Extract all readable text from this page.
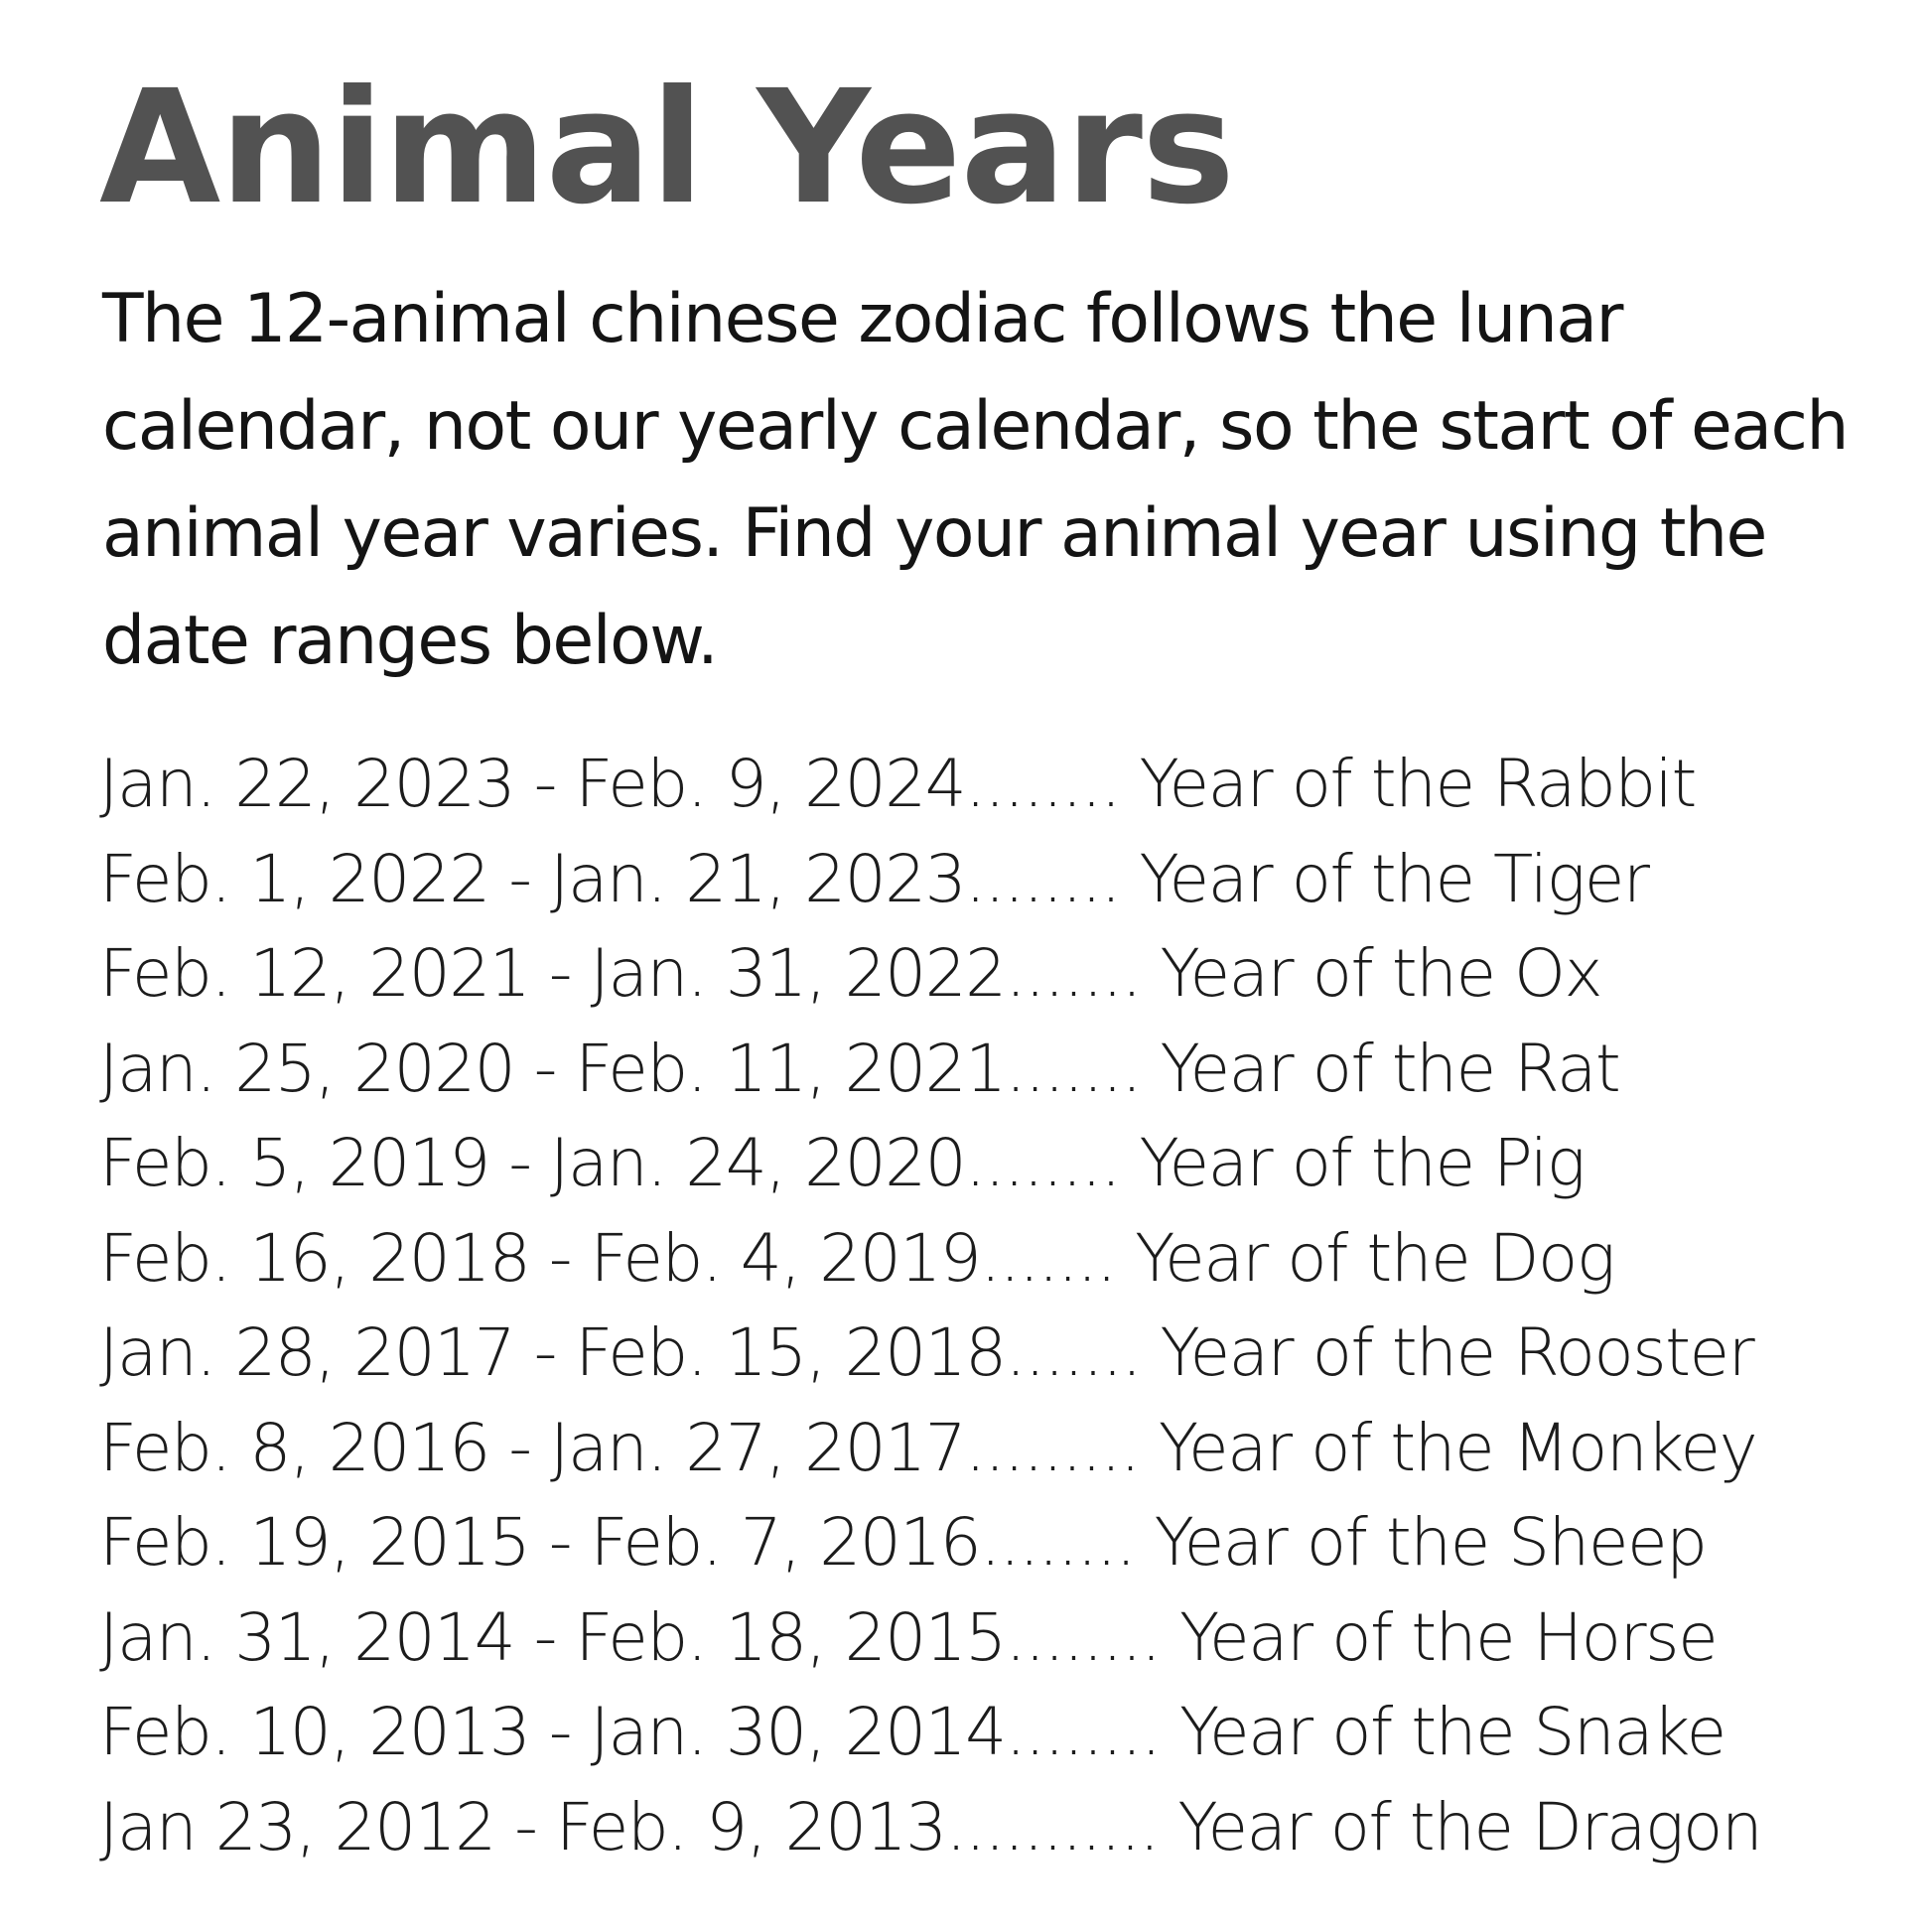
Animal Years

The 12-animal chinese zodiac follows the lunar calendar, not our yearly calendar, so the start of each animal year varies. Find your animal year using the date ranges below.

Jan. 22, 2023 - Feb. 9, 2024........ Year of the Rabbit
Feb. 1, 2022 - Jan. 21, 2023........ Year of the Tiger
Feb. 12, 2021 - Jan. 31, 2022....... Year of the Ox
Jan. 25, 2020 - Feb. 11, 2021....... Year of the Rat
Feb. 5, 2019 - Jan. 24, 2020........ Year of the Pig
Feb. 16, 2018 - Feb. 4, 2019....... Year of the Dog
Jan. 28, 2017 - Feb. 15, 2018....... Year of the Rooster
Feb. 8, 2016 - Jan. 27, 2017......... Year of the Monkey
Feb. 19, 2015 - Feb. 7, 2016........ Year of the Sheep
Jan. 31, 2014 - Feb. 18, 2015........ Year of the Horse
Feb. 10, 2013 - Jan. 30, 2014........ Year of the Snake
Jan 23, 2012 - Feb. 9, 2013........... Year of the Dragon
